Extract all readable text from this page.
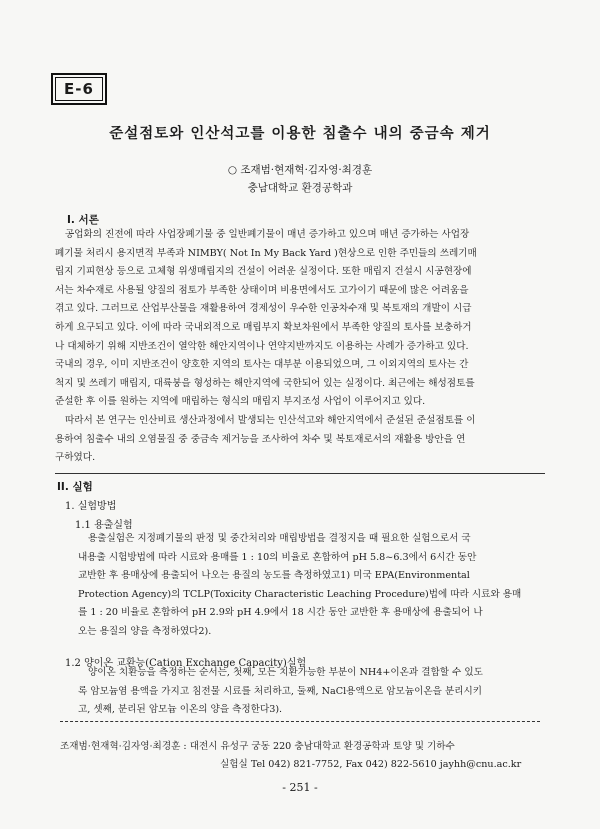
E-6
준설점토와 인산석고를 이용한 침출수 내의 중금속 제거
○ 조재범·현재혁·김자영·최경훈
충남대학교 환경공학과
I. 서론
공업화의 진전에 따라 사업장폐기물 중 일반폐기물이 매년 증가하고 있으며 매년 증가하는 사업장
폐기물 처리시 용지면적 부족과 NIMBY( Not In My Back Yard )현상으로 인한 주민들의 쓰레기매
립지 기피현상 등으로 고체형 위생매립지의 건설이 어려운 실정이다. 또한 매립지 건설시 시공현장에
서는 차수재로 사용될 양질의 점토가 부족한 상태이며 비용면에서도 고가이기 때문에 많은 어려움을
겪고 있다. 그러므로 산업부산물을 재활용하여 경제성이 우수한 인공차수재 및 복토재의 개발이 시급
하게 요구되고 있다. 이에 따라 국내외적으로 매립부지 확보차원에서 부족한 양질의 토사를 보충하거
나 대체하기 위해 지반조건이 열악한 해안지역이나 연약지반까지도 이용하는 사례가 증가하고 있다.
국내의 경우, 이미 지반조건이 양호한 지역의 토사는 대부분 이용되었으며, 그 이외지역의 토사는 간
척지 및 쓰레기 매립지, 대륙붕을 형성하는 해안지역에 국한되어 있는 실정이다. 최근에는 해성점토를
준설한 후 이를 원하는 지역에 매립하는 형식의 매립지 부지조성 사업이 이루어지고 있다.
따라서 본 연구는 인산비료 생산과정에서 발생되는 인산석고와 해안지역에서 준설된 준설점토를 이
용하여 침출수 내의 오염물질 중 중금속 제거능을 조사하여 차수 및 복토재로서의 재활용 방안을 연
구하였다.
II. 실험
1. 실험방법
1.1 용출실험
용출실험은 지정폐기물의 판정 및 중간처리와 매립방법을 결정지을 때 필요한 실험으로서 국
내용출 시험방법에 따라 시료와 용매를 1 : 10의 비율로 혼합하여 pH 5.8~6.3에서 6시간 동안
교반한 후 용매상에 용출되어 나오는 용질의 농도를 측정하였고1) 미국 EPA(Environmental
Protection Agency)의 TCLP(Toxicity Characteristic Leaching Procedure)법에 따라 시료와 용매
를 1 : 20 비율로 혼합하여 pH 2.9와 pH 4.9에서 18 시간 동안 교반한 후 용매상에 용출되어 나
오는 용질의 양을 측정하였다2).
1.2 양이온 교환능(Cation Exchange Capacity)실험
양이온 치환능을 측정하는 순서는, 첫째, 모든 치환가능한 부분이 NH4+이온과 결합할 수 있도
록 암모늄염 용액을 가지고 침전물 시료를 처리하고, 둘째, NaCl용액으로 암모늄이온을 분리시키
고, 셋째, 분리된 암모늄 이온의 양을 측정한다3).
조재범·현재혁·김자영·최경훈 : 대전시 유성구 궁동 220 충남대학교 환경공학과 토양 및 기하수
실험실 Tel 042) 821-7752, Fax 042) 822-5610 jayhh@cnu.ac.kr
- 251 -
